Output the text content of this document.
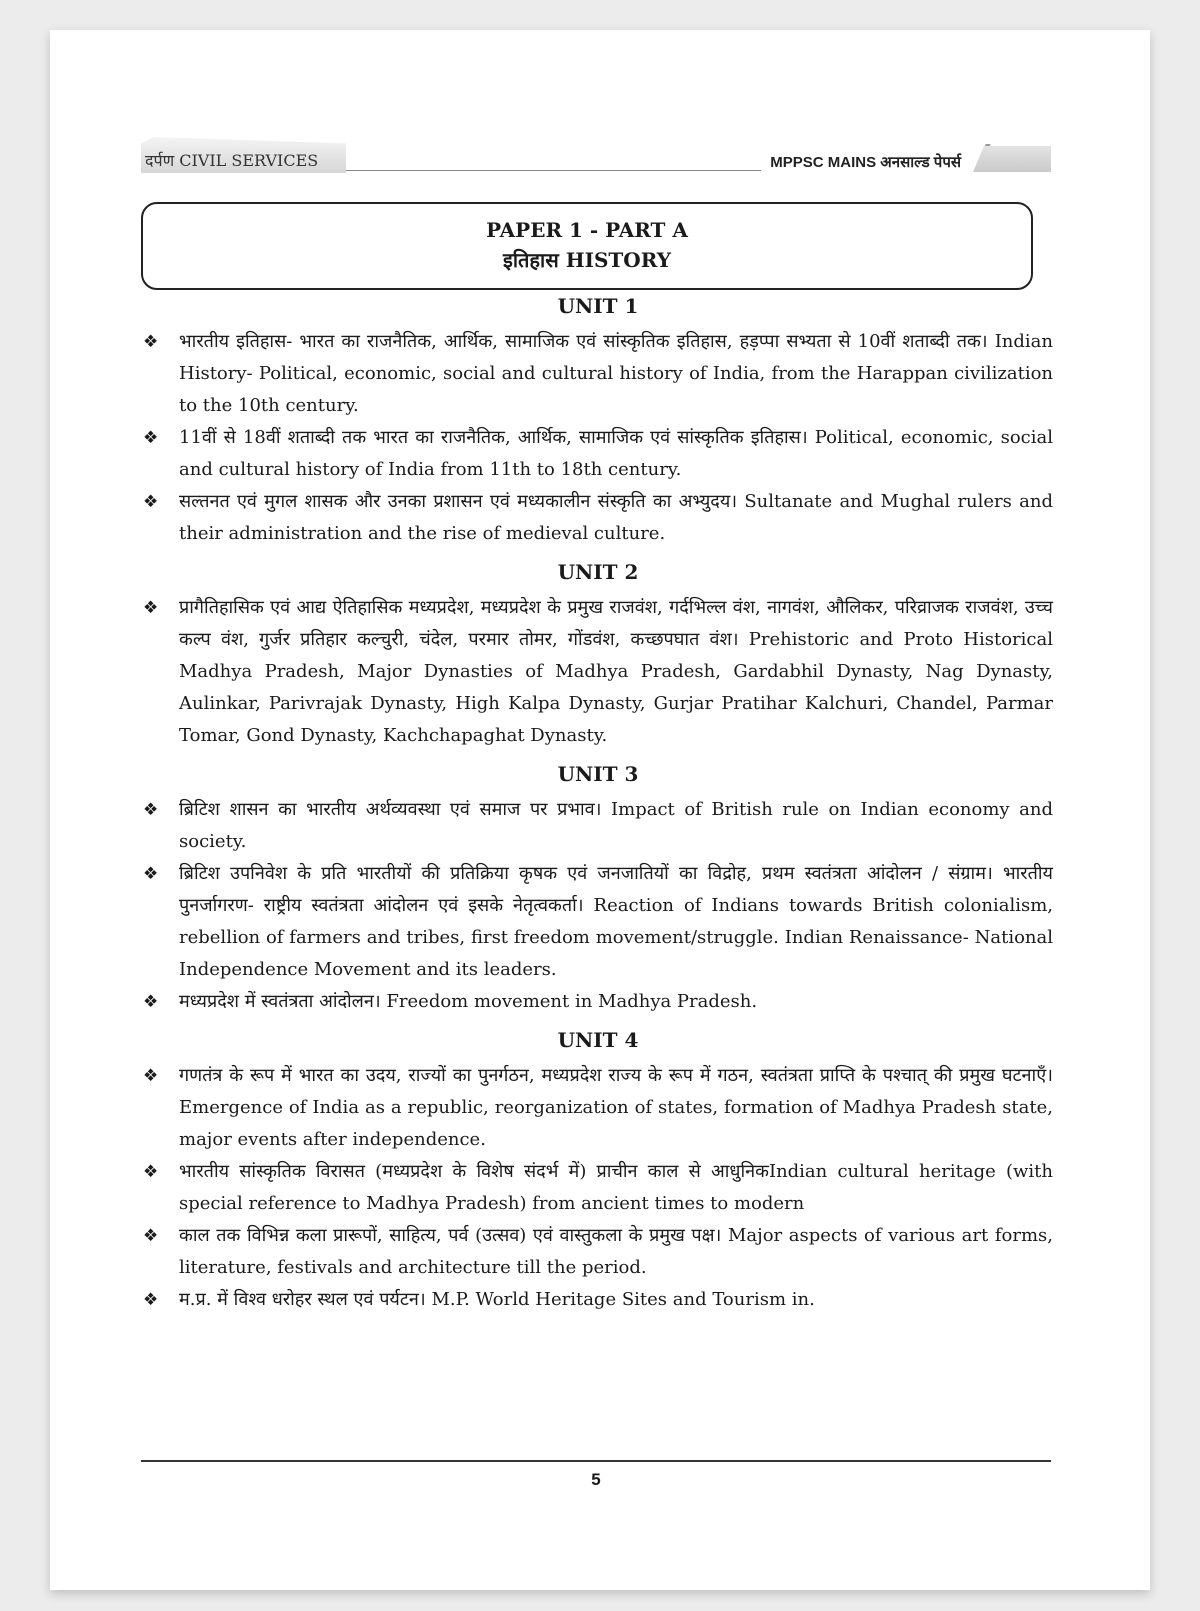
दर्पण CIVIL SERVICES	MPPSC MAINS अनसाल्ड पेपर्स
PAPER 1 - PART A
इतिहास HISTORY
UNIT 1
❖ भारतीय इतिहास- भारत का राजनैतिक, आर्थिक, सामाजिक एवं सांस्कृतिक इतिहास, हड़प्पा सभ्यता से 10वीं शताब्दी तक। Indian History- Political, economic, social and cultural history of India, from the Harappan civilization to the 10th century.
❖ 11वीं से 18वीं शताब्दी तक भारत का राजनैतिक, आर्थिक, सामाजिक एवं सांस्कृतिक इतिहास। Political, economic, social and cultural history of India from 11th to 18th century.
❖ सल्तनत एवं मुगल शासक और उनका प्रशासन एवं मध्यकालीन संस्कृति का अभ्युदय। Sultanate and Mughal rulers and their administration and the rise of medieval culture.
UNIT 2
❖ प्रागैतिहासिक एवं आद्य ऐतिहासिक मध्यप्रदेश, मध्यप्रदेश के प्रमुख राजवंश, गर्दभिल्ल वंश, नागवंश, औलिकर, परिव्राजक राजवंश, उच्च कल्प वंश, गुर्जर प्रतिहार कल्चुरी, चंदेल, परमार तोमर, गोंडवंश, कच्छपघात वंश। Prehistoric and Proto Historical Madhya Pradesh, Major Dynasties of Madhya Pradesh, Gardabhil Dynasty, Nag Dynasty, Aulinkar, Parivrajak Dynasty, High Kalpa Dynasty, Gurjar Pratihar Kalchuri, Chandel, Parmar Tomar, Gond Dynasty, Kachchapaghat Dynasty.
UNIT 3
❖ ब्रिटिश शासन का भारतीय अर्थव्यवस्था एवं समाज पर प्रभाव। Impact of British rule on Indian economy and society.
❖ ब्रिटिश उपनिवेश के प्रति भारतीयों की प्रतिक्रिया कृषक एवं जनजातियों का विद्रोह, प्रथम स्वतंत्रता आंदोलन / संग्राम। भारतीय पुनर्जागरण- राष्ट्रीय स्वतंत्रता आंदोलन एवं इसके नेतृत्वकर्ता। Reaction of Indians towards British colonialism, rebellion of farmers and tribes, first freedom movement/struggle. Indian Renaissance- National Independence Movement and its leaders.
❖ मध्यप्रदेश में स्वतंत्रता आंदोलन। Freedom movement in Madhya Pradesh.
UNIT 4
❖ गणतंत्र के रूप में भारत का उदय, राज्यों का पुनर्गठन, मध्यप्रदेश राज्य के रूप में गठन, स्वतंत्रता प्राप्ति के पश्चात् की प्रमुख घटनाएँ। Emergence of India as a republic, reorganization of states, formation of Madhya Pradesh state, major events after independence.
❖ भारतीय सांस्कृतिक विरासत (मध्यप्रदेश के विशेष संदर्भ में) प्राचीन काल से आधुनिकIndian cultural heritage (with special reference to Madhya Pradesh) from ancient times to modern
❖ काल तक विभिन्न कला प्रारूपों, साहित्य, पर्व (उत्सव) एवं वास्तुकला के प्रमुख पक्ष। Major aspects of various art forms, literature, festivals and architecture till the period.
❖ म.प्र. में विश्व धरोहर स्थल एवं पर्यटन। M.P. World Heritage Sites and Tourism in.
5
